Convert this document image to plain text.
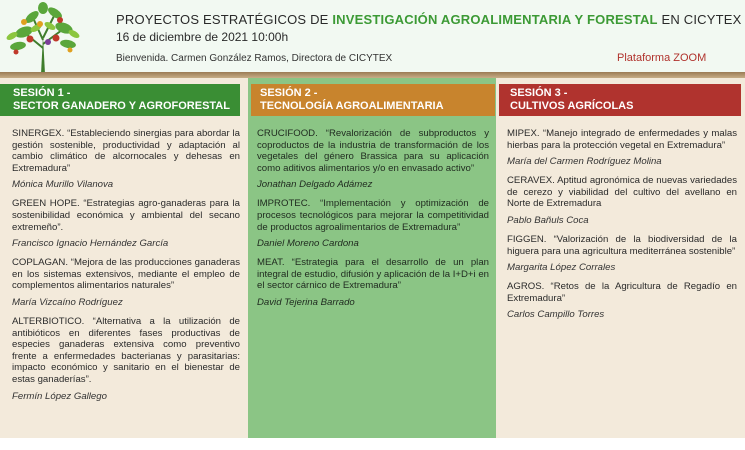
PROYECTOS ESTRATÉGICOS DE INVESTIGACIÓN AGROALIMENTARIA Y FORESTAL EN CICYTEX
16 de diciembre de 2021 10:00h
Bienvenida. Carmen González Ramos, Directora de CICYTEX	Plataforma ZOOM
SESIÓN 1 -
SECTOR GANADERO Y AGROFORESTAL
SINERGEX. “Estableciendo sinergias para abordar la gestión sostenible, productividad y adaptación al cambio climático de alcornocales y dehesas en Extremadura”
Mónica Murillo Vilanova
GREEN HOPE. “Estrategias agro-ganaderas para la sostenibilidad económica y ambiental del secano extremeño”.
Francisco Ignacio Hernández García
COPLAGAN. “Mejora de las producciones ganaderas en los sistemas extensivos, mediante el empleo de complementos alimentarios naturales”
María Vizcaíno Rodríguez
ALTERBIOTICO. “Alternativa a la utilización de antibióticos en diferentes fases productivas de especies ganaderas extensiva como preventivo frente a enfermedades bacterianas y parasitarias: impacto económico y sanitario en el bienestar de estas ganaderías”.
Fermín López Gallego
SESIÓN 2 -
TECNOLOGÍA AGROALIMENTARIA
CRUCIFOOD. “Revalorización de subproductos y coproductos de la industria de transformación de los vegetales del género Brassica para su aplicación como aditivos alimentarios y/o en envasado activo”
Jonathan Delgado Adámez
IMPROTEC. “Implementación y optimización de procesos tecnológicos para mejorar la competitividad de productos agroalimentarios de Extremadura”
Daniel Moreno Cardona
MEAT. “Estrategia para el desarrollo de un plan integral de estudio, difusión y aplicación de la I+D+i en el sector cárnico de Extremadura”
David Tejerina Barrado
SESIÓN 3 -
CULTIVOS AGRÍCOLAS
MIPEX. “Manejo integrado de enfermedades y malas hierbas para la protección vegetal en Extremadura”
María del Carmen Rodríguez Molina
CERAVEX. Aptitud agronómica de nuevas variedades de cerezo y viabilidad del cultivo del avellano en Norte de Extremadura
Pablo Bañuls Coca
FIGGEN. “Valorización de la biodiversidad de la higuera para una agricultura mediterránea sostenible”
Margarita López Corrales
AGROS. “Retos de la Agricultura de Regadío en Extremadura”
Carlos Campillo Torres
